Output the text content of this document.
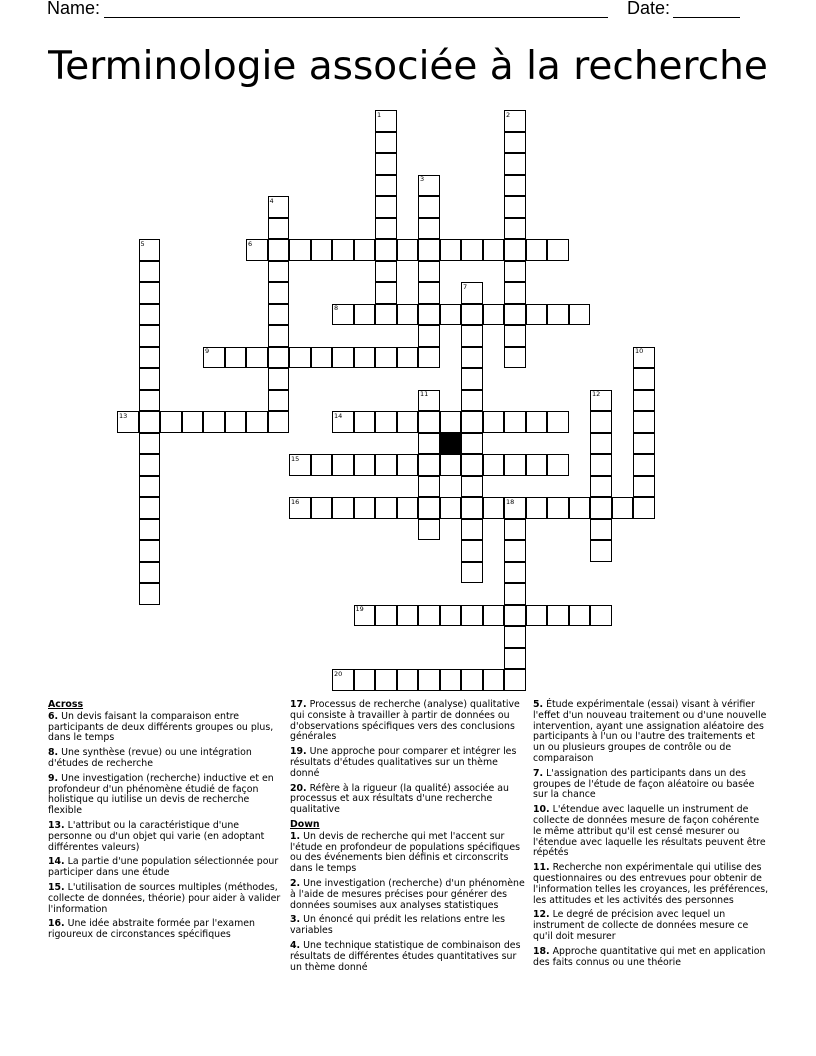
Name:	Date:
Terminologie associée à la recherche
1	2
3
4
5
7
10
11	12
18
6
8
9
13	14
15
16
19
20
Across
6. Un devis faisant la comparaison entre participants de deux différents groupes ou plus, dans le temps
8. Une synthèse (revue) ou une intégration d'études de recherche
9. Une investigation (recherche) inductive et en profondeur d'un phénomène étudié de façon holistique qu iutilise un devis de recherche flexible
13. L'attribut ou la caractéristique d'une personne ou d'un objet qui varie (en adoptant différentes valeurs)
14. La partie d'une population sélectionnée pour participer dans une étude
15. L'utilisation de sources multiples (méthodes, collecte de données, théorie) pour aider à valider l'information
16. Une idée abstraite formée par l'examen rigoureux de circonstances spécifiques
17. Processus de recherche (analyse) qualitative qui consiste à travailler à partir de données ou d'observations spécifiques vers des conclusions générales
19. Une approche pour comparer et intégrer les résultats d'études qualitatives sur un thème donné
20. Réfère à la rigueur (la qualité) associée au processus et aux résultats d'une recherche qualitative
Down
1. Un devis de recherche qui met l'accent sur l'étude en profondeur de populations spécifiques ou des événements bien définis et circonscrits dans le temps
2. Une investigation (recherche) d'un phénomène à l'aide de mesures précises pour générer des données soumises aux analyses statistiques
3. Un énoncé qui prédit les relations entre les variables
4. Une technique statistique de combinaison des résultats de différentes études quantitatives sur un thème donné
5. Étude expérimentale (essai) visant à vérifier l'effet d'un nouveau traitement ou d'une nouvelle intervention, ayant une assignation aléatoire des participants à l'un ou l'autre des traitements et un ou plusieurs groupes de contrôle ou de comparaison
7. L'assignation des participants dans un des groupes de l'étude de façon aléatoire ou basée sur la chance
10. L'étendue avec laquelle un instrument de collecte de données mesure de façon cohérente le même attribut qu'il est censé mesurer ou l'étendue avec laquelle les résultats peuvent être répétés
11. Recherche non expérimentale qui utilise des questionnaires ou des entrevues pour obtenir de l'information telles les croyances, les préférences, les attitudes et les activités des personnes
12. Le degré de précision avec lequel un instrument de collecte de données mesure ce qu'il doit mesurer
18. Approche quantitative qui met en application des faits connus ou une théorie
